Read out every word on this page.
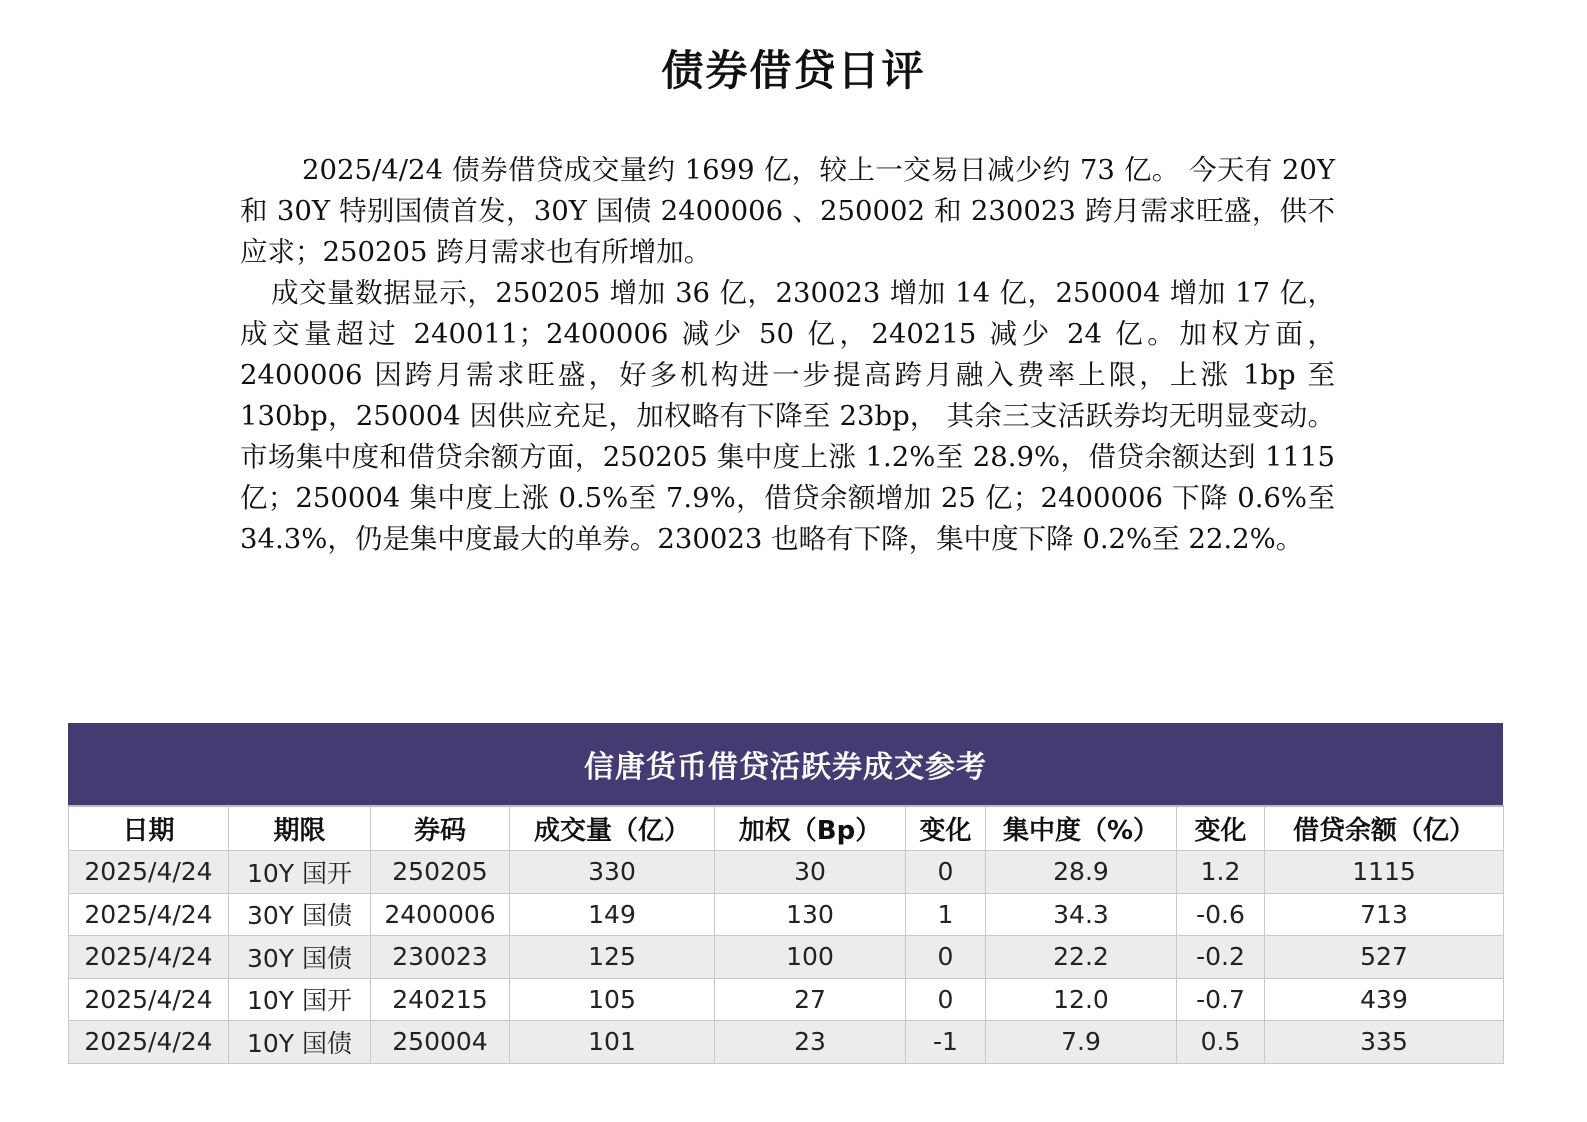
债券借贷日评

2025/4/24 债券借贷成交量约 1699 亿，较上一交易日减少约 73 亿。 今天有 20Y 和 30Y 特别国债首发，30Y 国债 2400006 、250002 和 230023 跨月需求旺盛，供不应求；250205 跨月需求也有所增加。

成交量数据显示，250205 增加 36 亿，230023 增加 14 亿，250004 增加 17 亿，成交量超过 240011；2400006 减少 50 亿，240215 减少 24 亿。加权方面，2400006 因跨月需求旺盛，好多机构进一步提高跨月融入费率上限，上涨 1bp 至 130bp，250004 因供应充足，加权略有下降至 23bp， 其余三支活跃券均无明显变动。市场集中度和借贷余额方面，250205 集中度上涨 1.2%至 28.9%，借贷余额达到 1115 亿；250004 集中度上涨 0.5%至 7.9%，借贷余额增加 25 亿；2400006 下降 0.6%至 34.3%，仍是集中度最大的单券。230023 也略有下降，集中度下降 0.2%至 22.2%。

信唐货币借贷活跃券成交参考
日期	期限	券码	成交量（亿）	加权（Bp）	变化	集中度（%）	变化	借贷余额（亿）
2025/4/24	10Y 国开	250205	330	30	0	28.9	1.2	1115
2025/4/24	30Y 国债	2400006	149	130	1	34.3	-0.6	713
2025/4/24	30Y 国债	230023	125	100	0	22.2	-0.2	527
2025/4/24	10Y 国开	240215	105	27	0	12.0	-0.7	439
2025/4/24	10Y 国债	250004	101	23	-1	7.9	0.5	335
